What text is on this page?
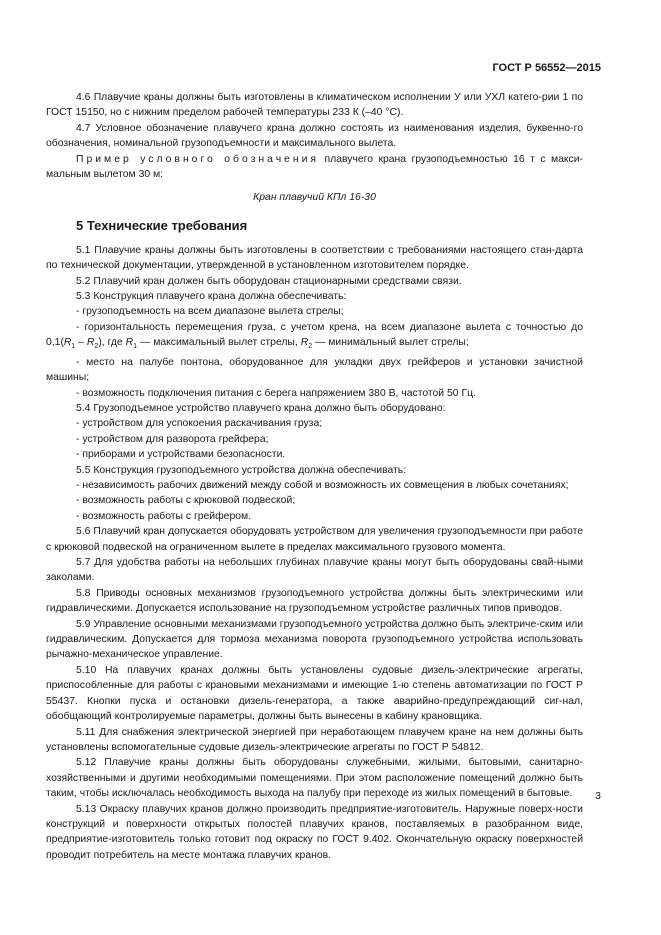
ГОСТ Р 56552—2015

4.6 Плавучие краны должны быть изготовлены в климатическом исполнении У или УХЛ катего-рии 1 по ГОСТ 15150, но с нижним пределом рабочей температуры 233 К (–40 °С).

4.7 Условное обозначение плавучего крана должно состоять из наименования изделия, буквенно-го обозначения, номинальной грузоподъемности и максимального вылета.

Пример условного обозначения плавучего крана грузоподъемностью 16 т с макси-мальным вылетом 30 м:

Кран плавучий КПл 16-30

5 Технические требования

5.1 Плавучие краны должны быть изготовлены в соответствии с требованиями настоящего стан-дарта по технической документации, утвержденной в установленном изготовителем порядке.

5.2 Плавучий кран должен быть оборудован стационарными средствами связи.

5.3 Конструкция плавучего крана должна обеспечивать:

- грузоподъемность на всем диапазоне вылета стрелы;

- горизонтальность перемещения груза, с учетом крена, на всем диапазоне вылета с точностью до $0,1(R_1 - R_2)$, где $R_1$ — максимальный вылет стрелы, $R_2$ — минимальный вылет стрелы;

- место на палубе понтона, оборудованное для укладки двух грейферов и установки зачистной машины;

- возможность подключения питания с берега напряжением 380 В, частотой 50 Гц.

5.4 Грузоподъемное устройство плавучего крана должно быть оборудовано:

- устройством для успокоения раскачивания груза;

- устройством для разворота грейфера;

- приборами и устройствами безопасности.

5.5 Конструкция грузоподъемного устройства должна обеспечивать:

- независимость рабочих движений между собой и возможность их совмещения в любых сочетаниях;

- возможность работы с крюковой подвеской;

- возможность работы с грейфером.

5.6 Плавучий кран допускается оборудовать устройством для увеличения грузоподъемности при работе с крюковой подвеской на ограниченном вылете в пределах максимального грузового момента.

5.7 Для удобства работы на небольших глубинах плавучие краны могут быть оборудованы свай-ными заколами.

5.8 Приводы основных механизмов грузоподъемного устройства должны быть электрическими или гидравлическими. Допускается использование на грузоподъемном устройстве различных типов приводов.

5.9 Управление основными механизмами грузоподъемного устройства должно быть электриче-ским или гидравлическим. Допускается для тормоза механизма поворота грузоподъемного устройства использовать рычажно-механическое управление.

5.10 На плавучих кранах должны быть установлены судовые дизель-электрические агрегаты, приспособленные для работы с крановыми механизмами и имеющие 1-ю степень автоматизации по ГОСТ Р 55437. Кнопки пуска и остановки дизель-генератора, а также аварийно-предупреждающий сиг-нал, обобщающий контролируемые параметры, должны быть вынесены в кабину крановщика.

5.11 Для снабжения электрической энергией при неработающем плавучем кране на нем должны быть установлены вспомогательные судовые дизель-электрические агрегаты по ГОСТ Р 54812.

5.12 Плавучие краны должны быть оборудованы служебными, жилыми, бытовыми, санитарно-хозяйственными и другими необходимыми помещениями. При этом расположение помещений должно быть таким, чтобы исключалась необходимость выхода на палубу при переходе из жилых помещений в бытовые.

5.13 Окраску плавучих кранов должно производить предприятие-изготовитель. Наружные поверх-ности конструкций и поверхности открытых полостей плавучих кранов, поставляемых в разобранном виде, предприятие-изготовитель только готовит под окраску по ГОСТ 9.402. Окончательную окраску поверхностей проводит потребитель на месте монтажа плавучих кранов.

3
